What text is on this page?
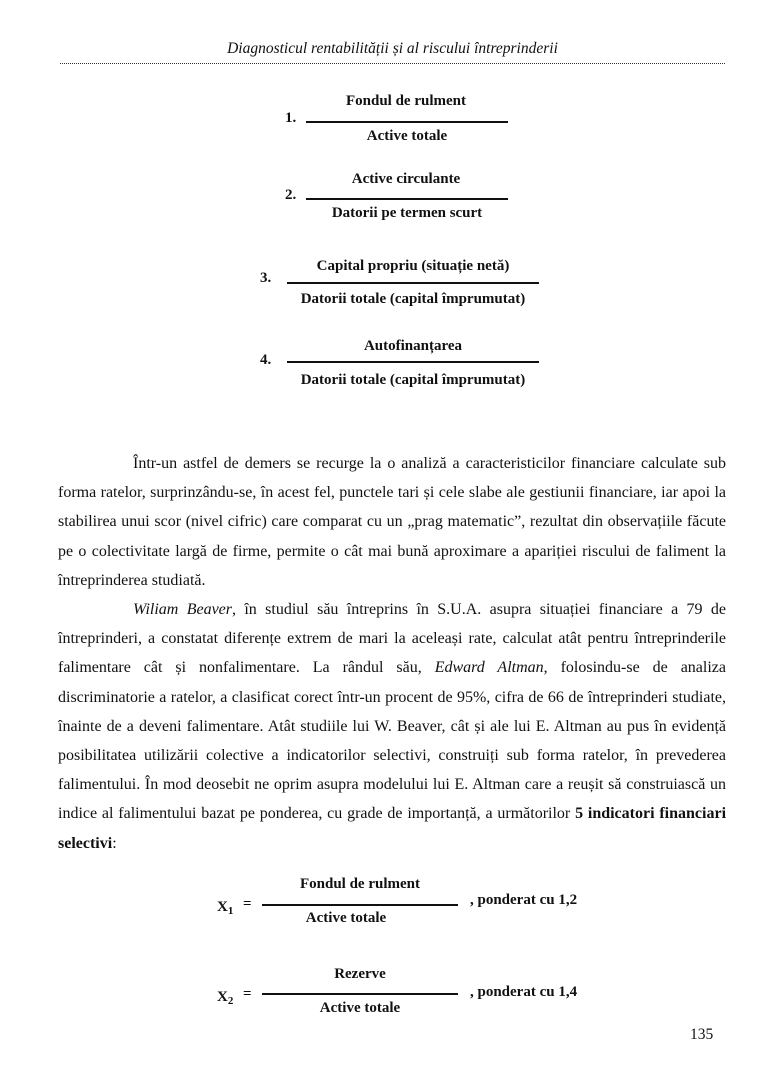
Diagnosticul rentabilității și al riscului întreprinderii
1.
Fondul de rulment
Active totale
2.
Active circulante
Datorii pe termen scurt
3.
Capital propriu (situație netă)
Datorii totale (capital împrumutat)
4.
Autofinanțarea
Datorii totale (capital împrumutat)

Într-un astfel de demers se recurge la o analiză a caracteristicilor financiare calculate sub forma ratelor, surprinzându-se, în acest fel, punctele tari și cele slabe ale gestiunii financiare, iar apoi la stabilirea unui scor (nivel cifric) care comparat cu un „prag matematic”, rezultat din observațiile făcute pe o colectivitate largă de firme, permite o cât mai bună aproximare a apariției riscului de faliment la întreprinderea studiată.

Wiliam Beaver, în studiul său întreprins în S.U.A. asupra situației financiare a 79 de întreprinderi, a constatat diferențe extrem de mari la aceleași rate, calculat atât pentru întreprinderile falimentare cât și nonfalimentare. La rândul său, Edward Altman, folosindu-se de analiza discriminatorie a ratelor, a clasificat corect într-un procent de 95%, cifra de 66 de întreprinderi studiate, înainte de a deveni falimentare. Atât studiile lui W. Beaver, cât și ale lui E. Altman au pus în evidență posibilitatea utilizării colective a indicatorilor selectivi, construiți sub forma ratelor, în prevederea falimentului. În mod deosebit ne oprim asupra modelului lui E. Altman care a reușit să construiască un indice al falimentului bazat pe ponderea, cu grade de importanță, a următorilor 5 indicatori financiari selectivi:

$X_1$ =
Fondul de rulment
Active totale
, ponderat cu 1,2
$X_2$ =
Rezerve
Active totale
, ponderat cu 1,4
135
